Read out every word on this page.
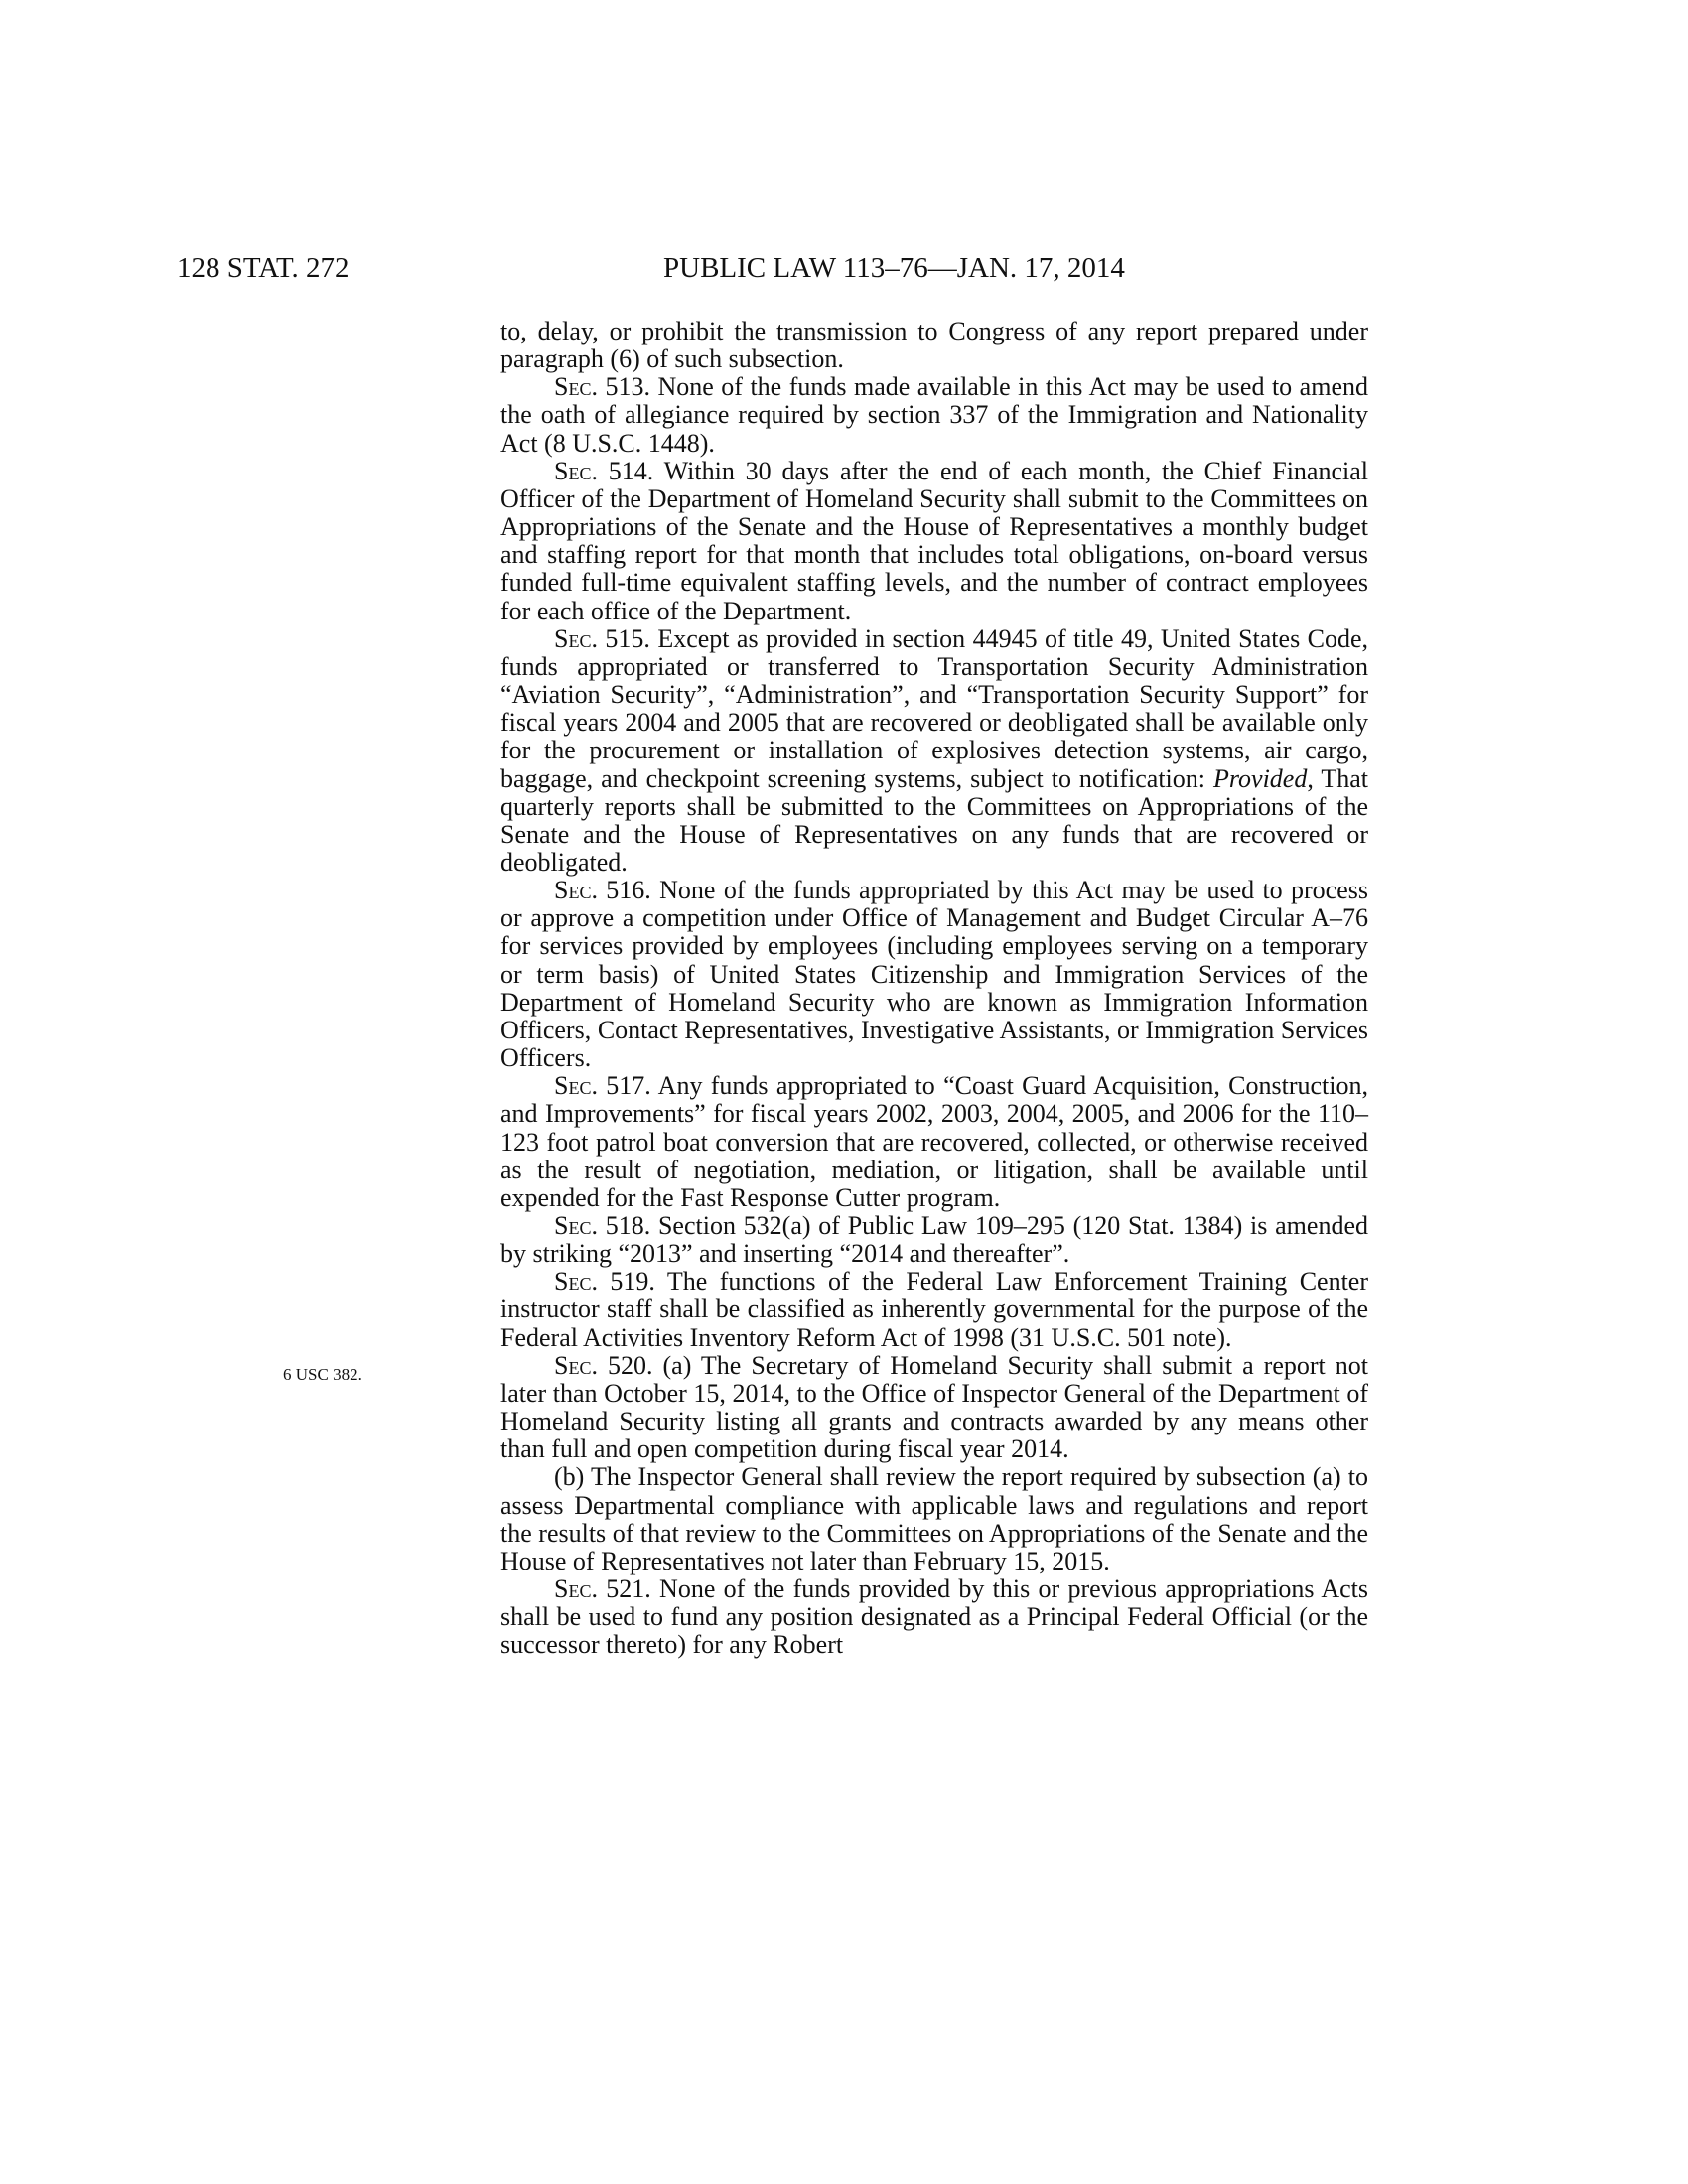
128 STAT. 272	PUBLIC LAW 113–76—JAN. 17, 2014
6 USC 382.

to, delay, or prohibit the transmission to Congress of any report prepared under paragraph (6) of such subsection.

Sec. 513. None of the funds made available in this Act may be used to amend the oath of allegiance required by section 337 of the Immigration and Nationality Act (8 U.S.C. 1448).

Sec. 514. Within 30 days after the end of each month, the Chief Financial Officer of the Department of Homeland Security shall submit to the Committees on Appropriations of the Senate and the House of Representatives a monthly budget and staffing report for that month that includes total obligations, on-board versus funded full-time equivalent staffing levels, and the number of contract employees for each office of the Department.

Sec. 515. Except as provided in section 44945 of title 49, United States Code, funds appropriated or transferred to Transportation Security Administration “Aviation Security”, “Administration”, and “Transportation Security Support” for fiscal years 2004 and 2005 that are recovered or deobligated shall be available only for the procurement or installation of explosives detection systems, air cargo, baggage, and checkpoint screening systems, subject to notification: Provided, That quarterly reports shall be submitted to the Committees on Appropriations of the Senate and the House of Representatives on any funds that are recovered or deobligated.

Sec. 516. None of the funds appropriated by this Act may be used to process or approve a competition under Office of Management and Budget Circular A–76 for services provided by employees (including employees serving on a temporary or term basis) of United States Citizenship and Immigration Services of the Department of Homeland Security who are known as Immigration Information Officers, Contact Representatives, Investigative Assistants, or Immigration Services Officers.

Sec. 517. Any funds appropriated to “Coast Guard Acquisition, Construction, and Improvements” for fiscal years 2002, 2003, 2004, 2005, and 2006 for the 110–123 foot patrol boat conversion that are recovered, collected, or otherwise received as the result of negotiation, mediation, or litigation, shall be available until expended for the Fast Response Cutter program.

Sec. 518. Section 532(a) of Public Law 109–295 (120 Stat. 1384) is amended by striking “2013” and inserting “2014 and thereafter”.

Sec. 519. The functions of the Federal Law Enforcement Training Center instructor staff shall be classified as inherently governmental for the purpose of the Federal Activities Inventory Reform Act of 1998 (31 U.S.C. 501 note).

Sec. 520. (a) The Secretary of Homeland Security shall submit a report not later than October 15, 2014, to the Office of Inspector General of the Department of Homeland Security listing all grants and contracts awarded by any means other than full and open competition during fiscal year 2014.

(b) The Inspector General shall review the report required by subsection (a) to assess Departmental compliance with applicable laws and regulations and report the results of that review to the Committees on Appropriations of the Senate and the House of Representatives not later than February 15, 2015.

Sec. 521. None of the funds provided by this or previous appropriations Acts shall be used to fund any position designated as a Principal Federal Official (or the successor thereto) for any Robert
